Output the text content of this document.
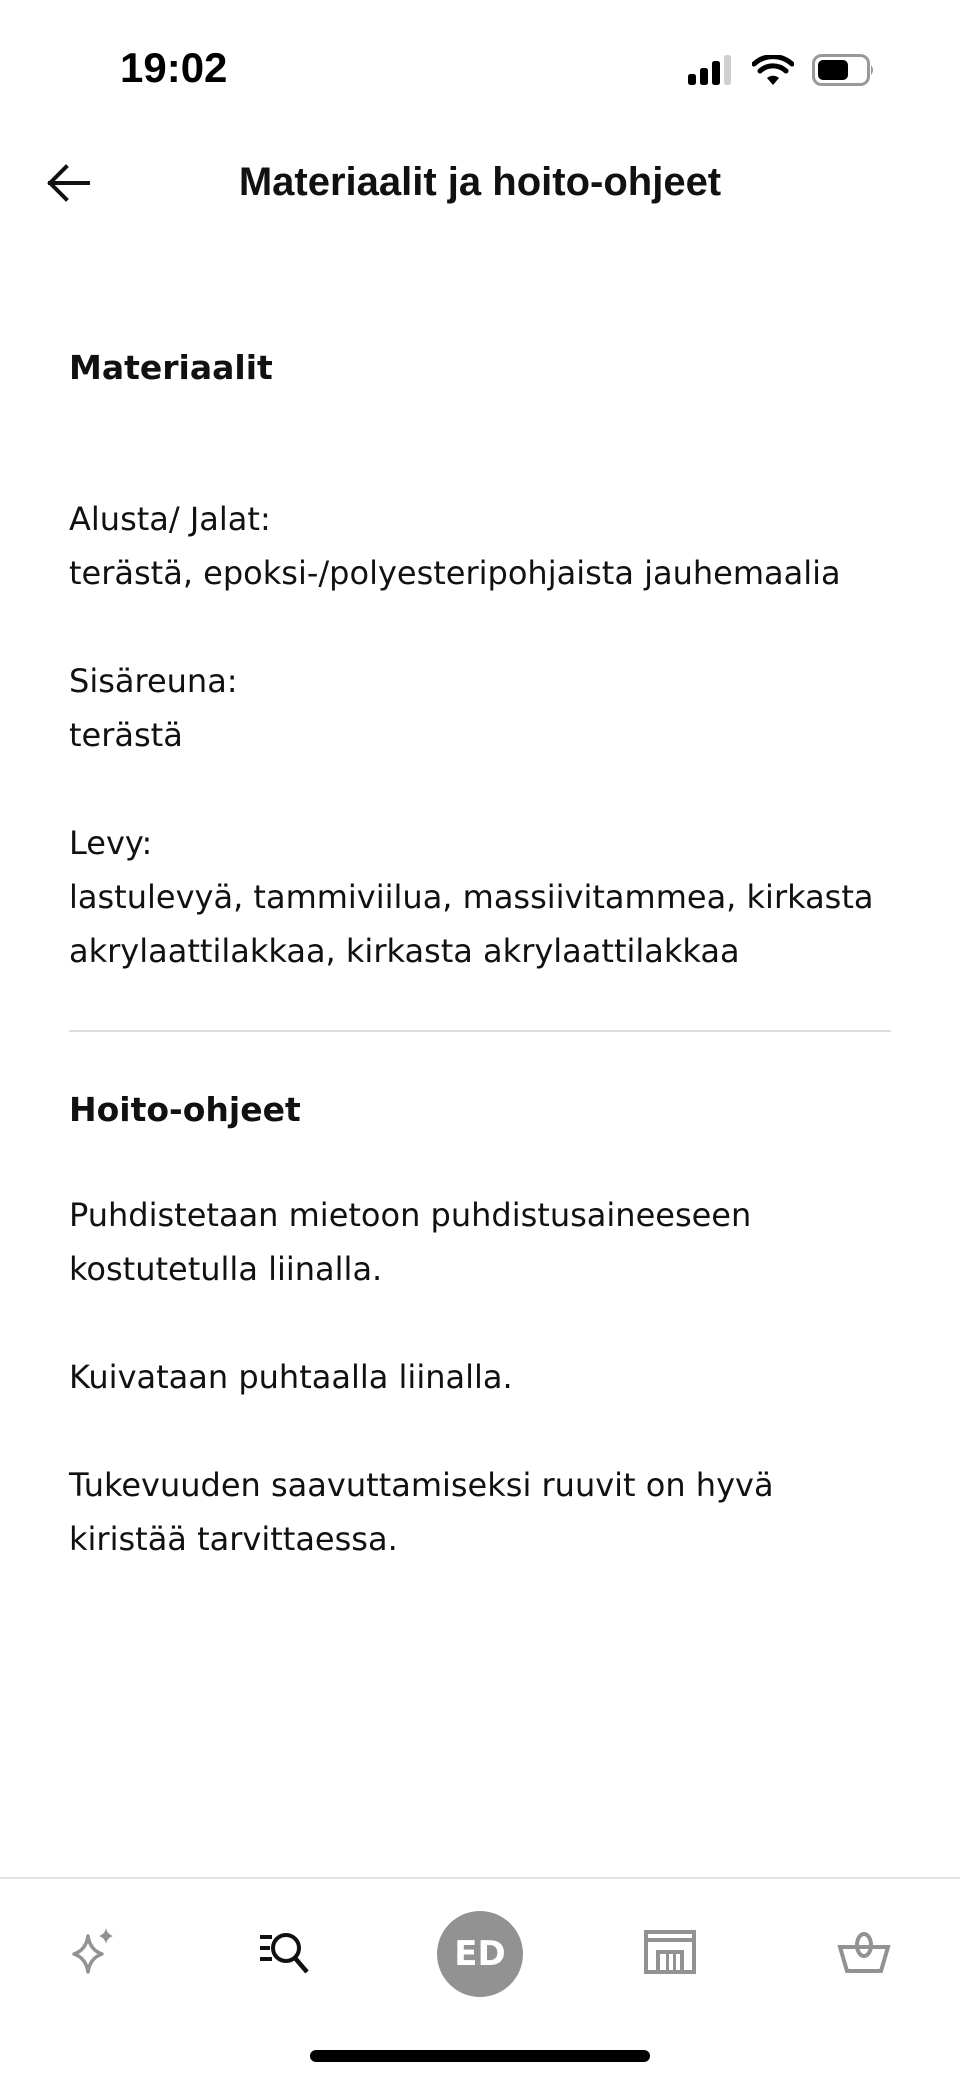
19:02
Materiaalit ja hoito-ohjeet
Materiaalit

Alusta/ Jalat:

terästä, epoksi-/polyesteripohjaista jauhemaalia

Sisäreuna:

terästä

Levy:

lastulevyä, tammiviilua, massiivitammea, kirkasta akrylaattilakkaa, kirkasta akrylaattilakkaa

Hoito-ohjeet

Puhdistetaan mietoon puhdistusaineeseen kostutetulla liinalla.

Kuivataan puhtaalla liinalla.

Tukevuuden saavuttamiseksi ruuvit on hyvä kiristää tarvittaessa.

ED
